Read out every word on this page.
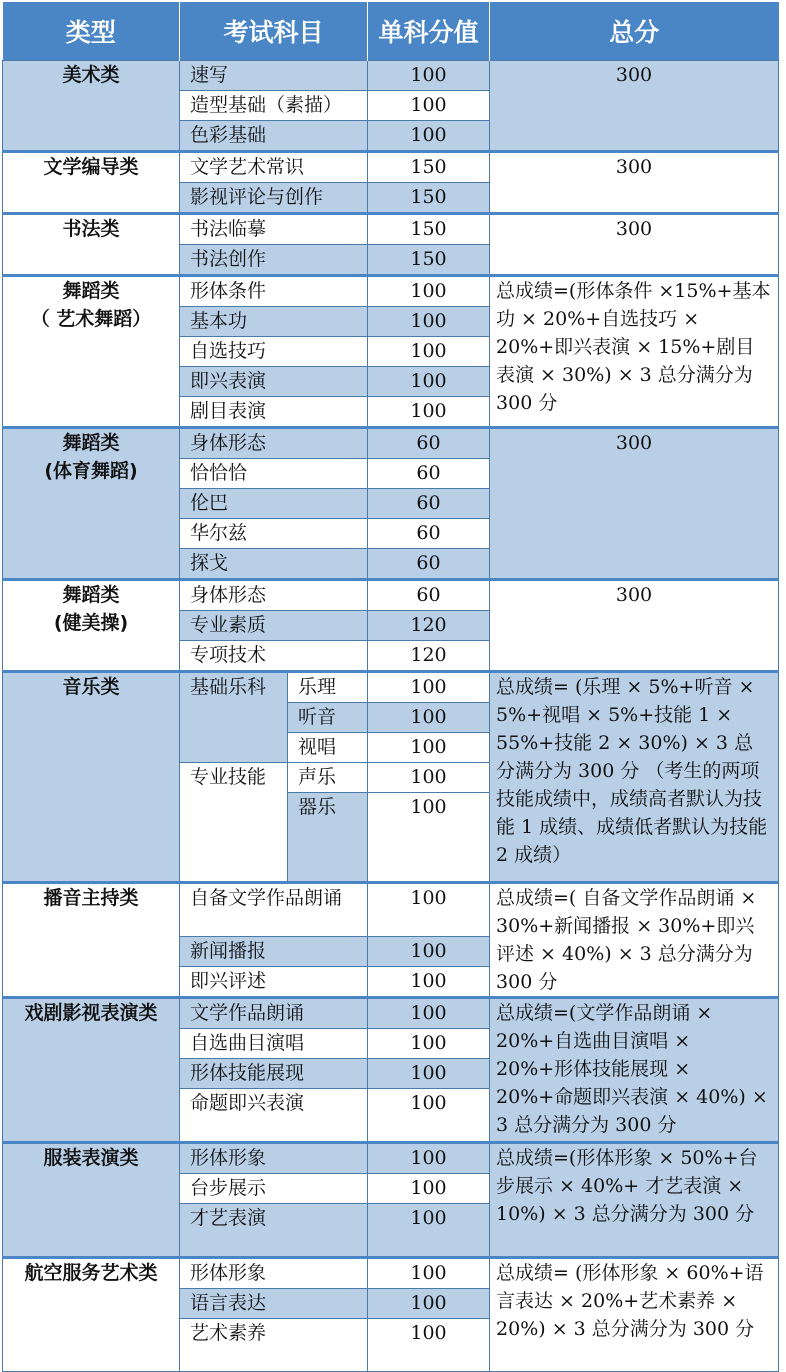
类型	考试科目		单科分值	总分
美术类	速写		100	300
	造型基础（素描）		100	
	色彩基础		100	
文学编导类	文学艺术常识		150	300
	影视评论与创作		150	
书法类	书法临摹		150	300
	书法创作		150	

舞蹈类
（ 艺术舞蹈）	形体条件		100	总成绩=(形体条件 ×15%+基本功 × 20%+自选技巧 × 20%+即兴表演 × 15%+剧目表演 × 30%) × 3 总分满分为 300 分
	基本功		100	
	自选技巧		100	
	即兴表演		100	
	剧目表演		100	

舞蹈类
(体育舞蹈)	身体形态		60	300
	恰恰恰		60	
	伦巴		60	
	华尔兹		60	
	探戈		60	

舞蹈类
(健美操)	身体形态		60	300
	专业素质		120	
	专项技术		120	
音乐类	基础乐科	乐理	100	总成绩= (乐理 × 5%+听音 × 5%+视唱 × 5%+技能 1 × 55%+技能 2 × 30%) × 3 总分满分为 300 分 （考生的两项技能成绩中，成绩高者默认为技能 1 成绩、成绩低者默认为技能 2 成绩）
		听音	100	
		视唱	100	
	专业技能	声乐	100	
		器乐	100	

播音主持类	自备文学作品朗诵		100	总成绩=( 自备文学作品朗诵 × 30%+新闻播报 × 30%+即兴评述 × 40%) × 3 总分满分为 300 分
	新闻播报		100	
	即兴评述		100	
戏剧影视表演类	文学作品朗诵		100	总成绩=(文学作品朗诵 × 20%+自选曲目演唱 × 20%+形体技能展现 × 20%+命题即兴表演 × 40%) × 3 总分满分为 300 分
	自选曲目演唱		100	
	形体技能展现		100	
	命题即兴表演		100	
服装表演类	形体形象		100	总成绩=(形体形象 × 50%+台步展示 × 40%+ 才艺表演 × 10%) × 3 总分满分为 300 分
	台步展示		100	
	才艺表演		100	
航空服务艺术类	形体形象		100	总成绩= (形体形象 × 60%+语言表达 × 20%+艺术素养 × 20%) × 3 总分满分为 300 分
	语言表达		100	
	艺术素养		100	
